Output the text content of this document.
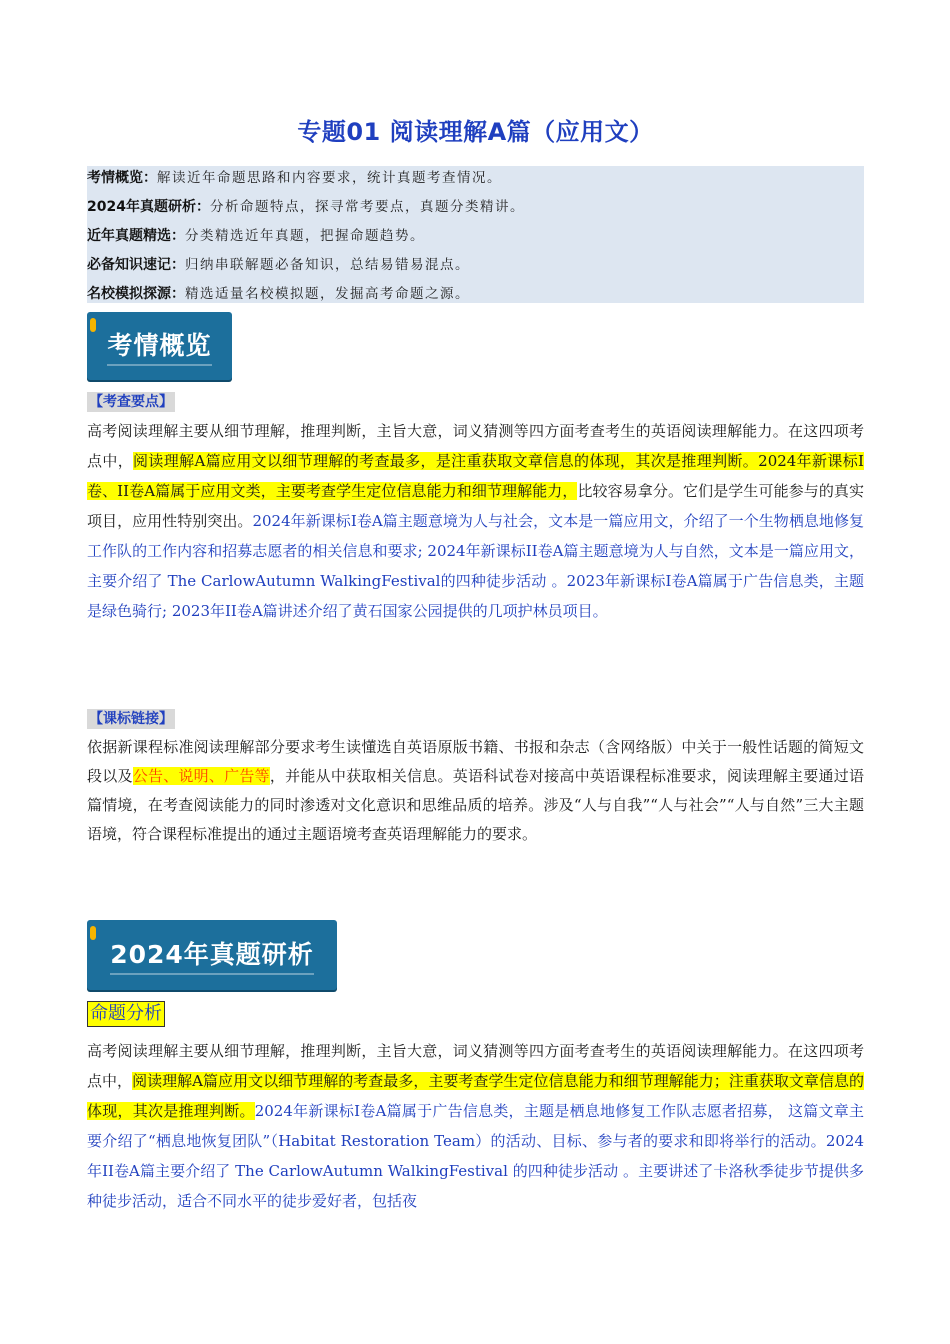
专题01 阅读理解A篇（应用文）
考情概览：解读近年命题思路和内容要求，统计真题考查情况。
2024年真题研析：分析命题特点，探寻常考要点，真题分类精讲。
近年真题精选：分类精选近年真题，把握命题趋势。
必备知识速记：归纳串联解题必备知识，总结易错易混点。
名校模拟探源：精选适量名校模拟题，发掘高考命题之源。
考情概览
【考查要点】
高考阅读理解主要从细节理解，推理判断，主旨大意，词义猜测等四方面考查考生的英语阅读理解能力。在这四项考点中，阅读理解A篇应用文以细节理解的考查最多，是注重获取文章信息的体现，其次是推理判断。2024年新课标I卷、II卷A篇属于应用文类，主要考查学生定位信息能力和细节理解能力，比较容易拿分。它们是学生可能参与的真实项目，应用性特别突出。2024年新课标I卷A篇主题意境为人与社会，文本是一篇应用文，介绍了一个生物栖息地修复工作队的工作内容和招募志愿者的相关信息和要求; 2024年新课标II卷A篇主题意境为人与自然，文本是一篇应用文，主要介绍了 The CarlowAutumn WalkingFestival的四种徒步活动 。2023年新课标I卷A篇属于广告信息类，主题是绿色骑行; 2023年II卷A篇讲述介绍了黄石国家公园提供的几项护林员项目。
【课标链接】
依据新课程标准阅读理解部分要求考生读懂选自英语原版书籍、书报和杂志（含网络版）中关于一般性话题的简短文段以及公告、说明、广告等，并能从中获取相关信息。英语科试卷对接高中英语课程标准要求，阅读理解主要通过语篇情境，在考查阅读能力的同时渗透对文化意识和思维品质的培养。涉及“人与自我”“人与社会”“人与自然”三大主题语境，符合课程标准提出的通过主题语境考查英语理解能力的要求。
2024年真题研析
命题分析
高考阅读理解主要从细节理解，推理判断，主旨大意，词义猜测等四方面考查考生的英语阅读理解能力。在这四项考点中，阅读理解A篇应用文以细节理解的考查最多，主要考查学生定位信息能力和细节理解能力；注重获取文章信息的体现，其次是推理判断。2024年新课标I卷A篇属于广告信息类，主题是栖息地修复工作队志愿者招募， 这篇文章主要介绍了“栖息地恢复团队”（Habitat Restoration Team）的活动、目标、参与者的要求和即将举行的活动。2024年II卷A篇主要介绍了 The CarlowAutumn WalkingFestival 的四种徒步活动 。主要讲述了卡洛秋季徒步节提供多种徒步活动，适合不同水平的徒步爱好者，包括夜
